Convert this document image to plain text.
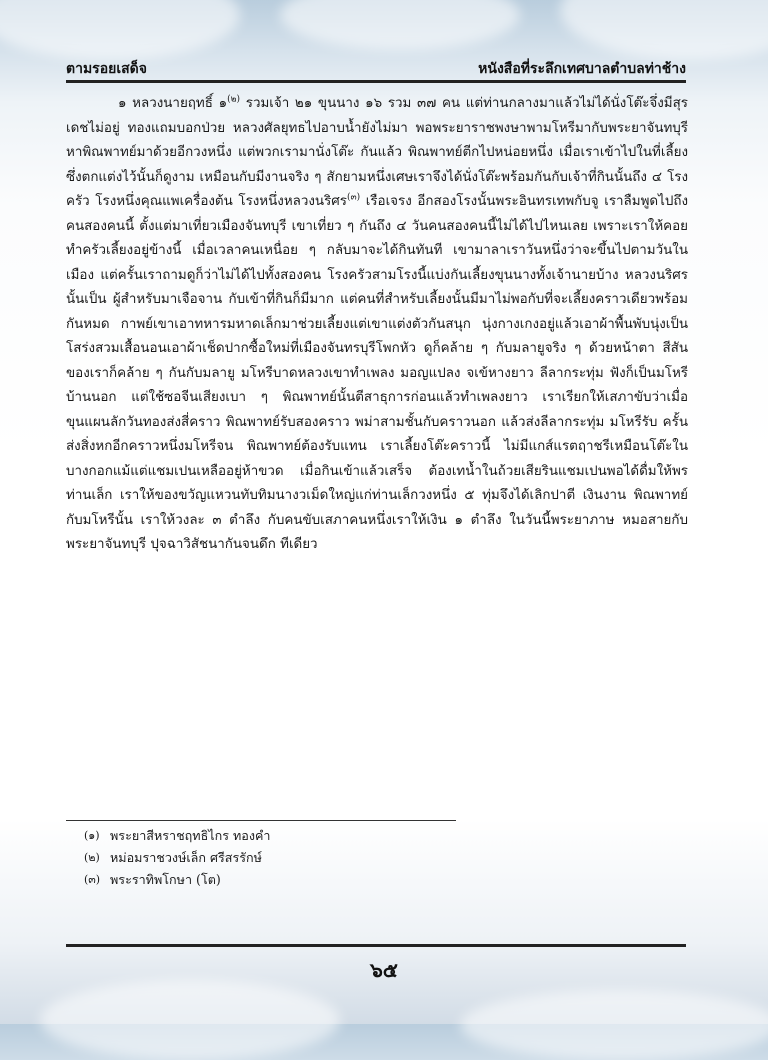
ตามรอยเสด็จ	หนังสือที่ระลึกเทศบาลตำบลท่าช้าง

๑ หลวงนายฤทธิ์ ๑$^{(๒)}$ รวมเจ้า ๒๑ ขุนนาง ๑๖ รวม ๓๗ คน แต่ท่านกลางมาแล้วไม่ได้นั่งโต๊ะจึ่งมีสุรเดชไม่อยู่ ทองแถมบอกป่วย หลวงศัลยุทธไปอาบน้ำยังไม่มา พอพระยาราชพงษาพามโหรีมากับพระยาจันทบุรีหาพิณพาทย์มาด้วยอีกวงหนึ่ง แต่พวกเรามานั่งโต๊ะ กันแล้ว พิณพาทย์ตีกไปหน่อยหนึ่ง เมื่อเราเข้าไปในที่เลี้ยงซึ่งตกแต่งไว้นั้นก็ดูงาม เหมือนกับมีงานจริง ๆ สักยามหนึ่งเศษเราจึงได้นั่งโต๊ะพร้อมกันกับเจ้าที่กินนั้นถึง ๔ โรงครัว โรงหนึ่งคุณแพเครื่องต้น โรงหนึ่งหลวงนริศร$^{(๓)}$ เรือเจรง อีกสองโรงนั้นพระอินทรเทพกับจู เราลืมพูดไปถึงคนสองคนนี้ ตั้งแต่มาเที่ยวเมืองจันทบุรี เขาเที่ยว ๆ กันถึง ๔ วันคนสองคนนี้ไม่ได้ไปไหนเลย เพราะเราให้คอยทำครัวเลี้ยงอยู่ข้างนี้ เมื่อเวลาคนเหนื่อย ๆ กลับมาจะได้กินทันที เขามาลาเราวันหนึ่งว่าจะขึ้นไปตามวันในเมือง แต่ครั้นเราถามดูก็ว่าไม่ได้ไปทั้งสองคน โรงครัวสามโรงนี้แบ่งกันเลี้ยงขุนนางทั้งเจ้านายบ้าง หลวงนริศรนั้นเป็น ผู้สำหรับมาเจือจาน กับเข้าที่กินก็มีมาก แต่คนที่สำหรับเลี้ยงนั้นมีมาไม่พอกับที่จะเลี้ยงคราวเดียวพร้อมกันหมด กาพย์เขาเอาทหารมหาดเล็กมาช่วยเลี้ยงแต่เขาแต่งตัวกันสนุก นุ่งกางเกงอยู่แล้วเอาผ้าพื้นพับนุ่งเป็นโสร่งสวมเสื้อนอนเอาผ้าเช็ดปากซื้อใหม่ที่เมืองจันทรบุรีโพกหัว ดูก็คล้าย ๆ กับมลายูจริง ๆ ด้วยหน้าตา สีสันของเราก็คล้าย ๆ กันกับมลายู มโหรีบาดหลวงเขาทำเพลง มอญแปลง จเข้หางยาว ลีลากระทุ่ม ฟังก็เป็นมโหรีบ้านนอก แต่ใช้ซอจีนเสียงเบา ๆ พิณพาทย์นั้นตีสาธุการก่อนแล้วทำเพลงยาว เราเรียกให้เสภาขับว่าเมื่อขุนแผนลักวันทองส่งสี่คราว พิณพาทย์รับสองคราว พม่าสามชั้นกับคราวนอก แล้วส่งลีลากระทุ่ม มโหรีรับ ครั้นส่งสิ่งหกอีกคราวหนึ่งมโหรีจน พิณพาทย์ต้องรับแทน เราเลี้ยงโต๊ะคราวนี้ ไม่มีแกส์แรตฤาชรีเหมือนโต๊ะในบางกอกแม้แต่แชมเปนเหลืออยู่ห้าขวด เมื่อกินเข้าแล้วเสร็จ ต้องเทน้ำในถ้วยเสียรินแชมเปนพอได้ดื่มให้พรท่านเล็ก เราให้ของขวัญแหวนทับทิมนางวเม็ดใหญ่แก่ท่านเล็กวงหนึ่ง ๕ ทุ่มจึงได้เลิกปาตี เงินงาน พิณพาทย์กับมโหรีนั้น เราให้วงละ ๓ ตำลึง กับคนขับเสภาคนหนึ่งเราให้เงิน ๑ ตำลึง ในวันนี้พระยาภาษ หมอสายกับพระยาจันทบุรี ปุจฉาวิสัชนากันจนดึก ทีเดียว

(๑) พระยาสีหราชฤทธิไกร ทองคำ
(๒) หม่อมราชวงษ์เล็ก ศรีสรรักษ์
(๓) พระราทิพโกษา (โต)
๖๕
